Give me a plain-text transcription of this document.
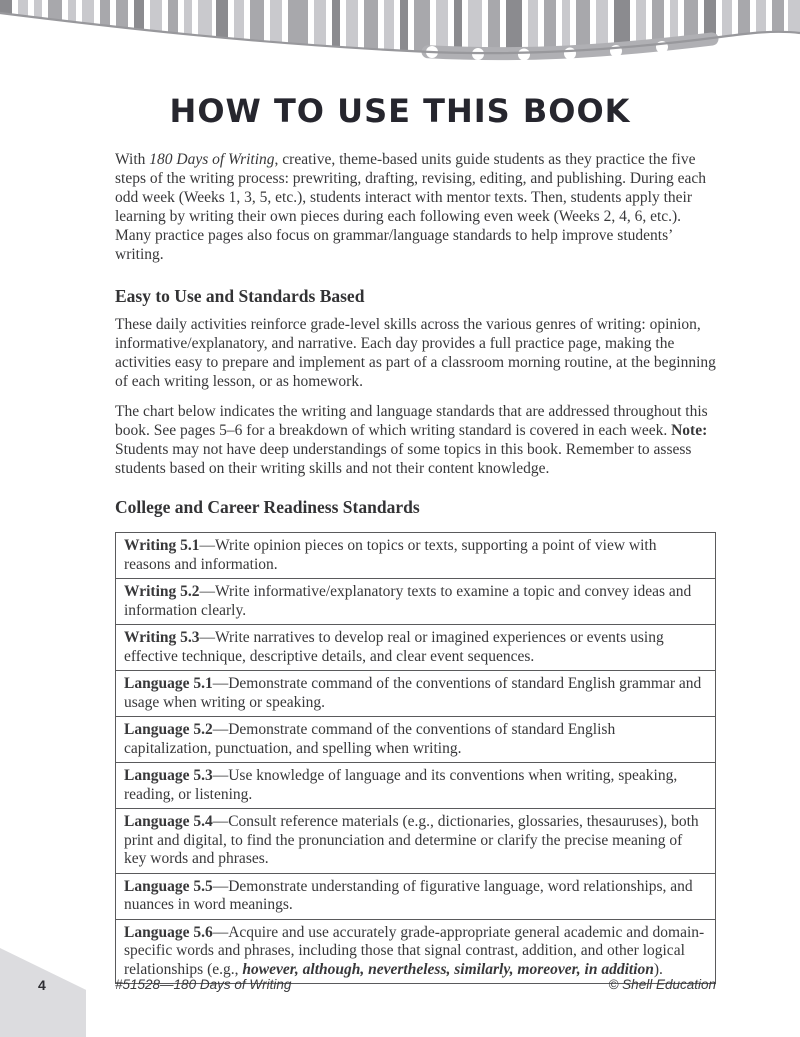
HOW TO USE THIS BOOK

With 180 Days of Writing, creative, theme-based units guide students as they practice the five steps of the writing process: prewriting, drafting, revising, editing, and publishing. During each odd week (Weeks 1, 3, 5, etc.), students interact with mentor texts. Then, students apply their learning by writing their own pieces during each following even week (Weeks 2, 4, 6, etc.). Many practice pages also focus on grammar/language standards to help improve students’ writing.

Easy to Use and Standards Based

These daily activities reinforce grade-level skills across the various genres of writing: opinion, informative/explanatory, and narrative. Each day provides a full practice page, making the activities easy to prepare and implement as part of a classroom morning routine, at the beginning of each writing lesson, or as homework.

The chart below indicates the writing and language standards that are addressed throughout this book. See pages 5–6 for a breakdown of which writing standard is covered in each week. Note: Students may not have deep understandings of some topics in this book. Remember to assess students based on their writing skills and not their content knowledge.

College and Career Readiness Standards
Writing 5.1—Write opinion pieces on topics or texts, supporting a point of view with reasons and information.
Writing 5.2—Write informative/explanatory texts to examine a topic and convey ideas and information clearly.
Writing 5.3—Write narratives to develop real or imagined experiences or events using effective technique, descriptive details, and clear event sequences.
Language 5.1—Demonstrate command of the conventions of standard English grammar and usage when writing or speaking.
Language 5.2—Demonstrate command of the conventions of standard English capitalization, punctuation, and spelling when writing.
Language 5.3—Use knowledge of language and its conventions when writing, speaking, reading, or listening.
Language 5.4—Consult reference materials (e.g., dictionaries, glossaries, thesauruses), both print and digital, to find the pronunciation and determine or clarify the precise meaning of key words and phrases.
Language 5.5—Demonstrate understanding of figurative language, word relationships, and nuances in word meanings.
Language 5.6—Acquire and use accurately grade-appropriate general academic and domain-specific words and phrases, including those that signal contrast, addition, and other logical relationships (e.g., however, although, nevertheless, similarly, moreover, in addition).
4	#51528—180 Days of Writing	© Shell Education
